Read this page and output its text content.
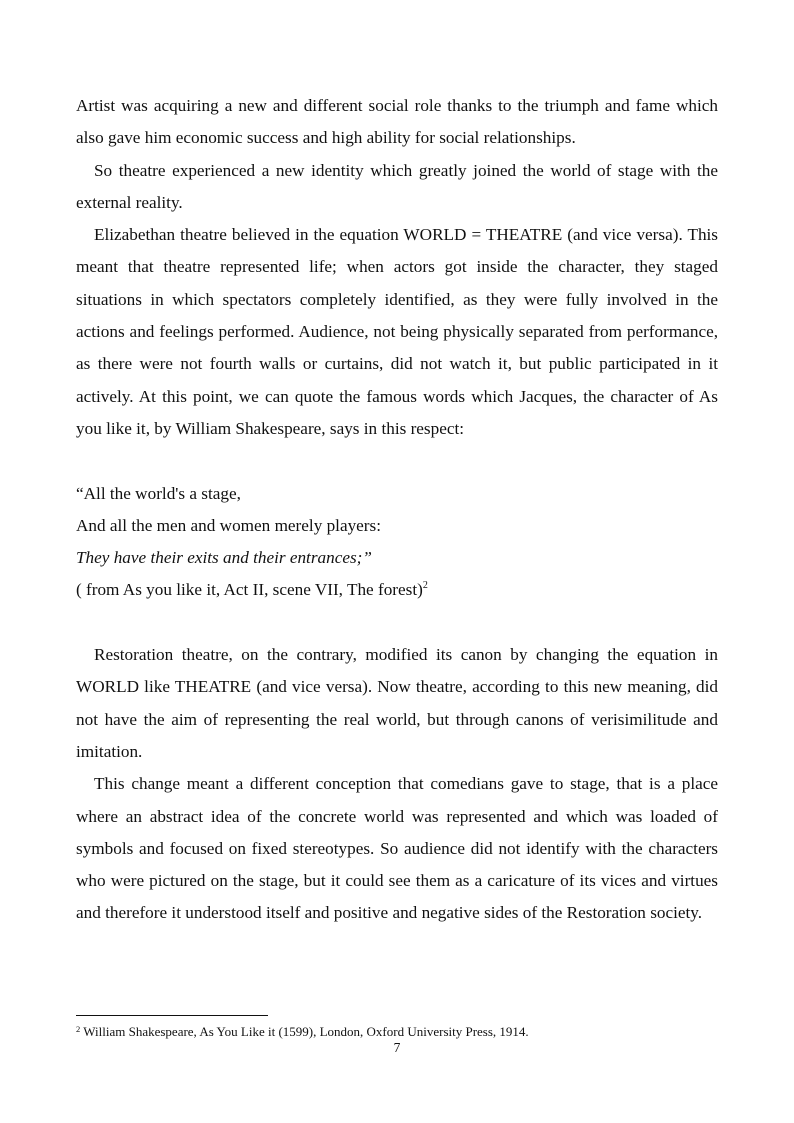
Artist was acquiring a new and different social role thanks to the triumph and fame which also gave him economic success and high ability for social relationships.

So theatre experienced a new identity which greatly joined the world of stage with the external reality.

Elizabethan theatre believed in the equation WORLD = THEATRE (and vice versa). This meant that theatre represented life; when actors got inside the character, they staged situations in which spectators completely identified, as they were fully involved in the actions and feelings performed. Audience, not being physically separated from performance, as there were not fourth walls or curtains, did not watch it, but public participated in it actively. At this point, we can quote the famous words which Jacques, the character of As you like it, by William Shakespeare, says in this respect:

“All the world's a stage,

And all the men and women merely players:

They have their exits and their entrances;”

( from As you like it, Act II, scene VII, The forest)$^2$

Restoration theatre, on the contrary, modified its canon by changing the equation in WORLD like THEATRE (and vice versa). Now theatre, according to this new meaning, did not have the aim of representing the real world, but through canons of verisimilitude and imitation.

This change meant a different conception that comedians gave to stage, that is a place where an abstract idea of the concrete world was represented and which was loaded of symbols and focused on fixed stereotypes. So audience did not identify with the characters who were pictured on the stage, but it could see them as a caricature of its vices and virtues and therefore it understood itself and positive and negative sides of the Restoration society.

$^2$ William Shakespeare, As You Like it (1599), London, Oxford University Press, 1914.
7
